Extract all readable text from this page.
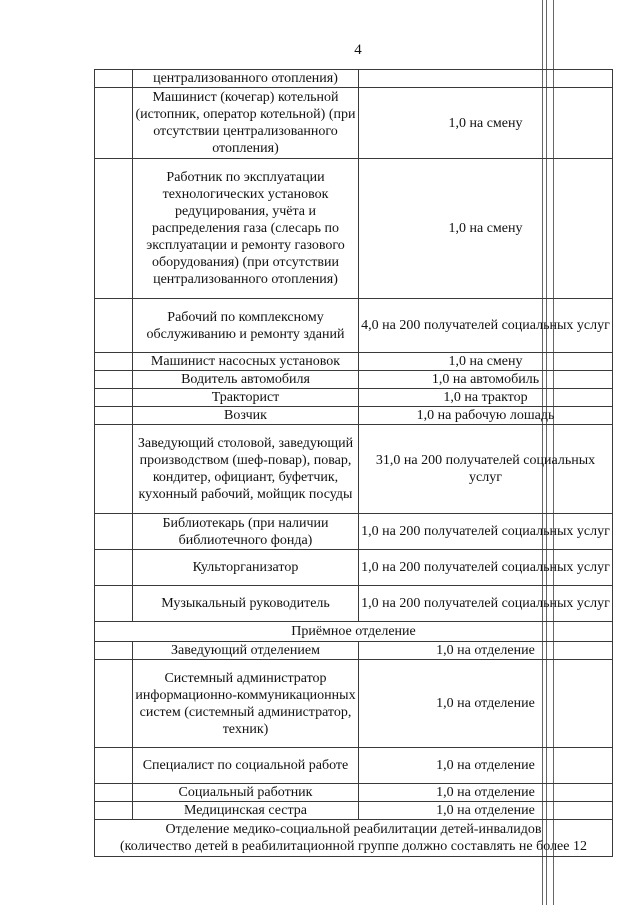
4

	централизованного отопления)	

	Машинист (кочегар) котельной (истопник, оператор котельной) (при отсутствии централизованного отопления)	1,0 на смену

	Работник по эксплуатации технологических установок редуцирования, учёта и распределения газа (слесарь по эксплуатации и ремонту газового оборудования) (при отсутствии централизованного отопления)	1,0 на смену

	Рабочий по комплексному обслуживанию и ремонту зданий	4,0 на 200 получателей социальных услуг

	Машинист насосных установок	1,0 на смену

	Водитель автомобиля	1,0 на автомобиль

	Тракторист	1,0 на трактор

	Возчик	1,0 на рабочую лошадь

	Заведующий столовой, заведующий производством (шеф-повар), повар, кондитер, официант, буфетчик, кухонный рабочий, мойщик посуды	31,0 на 200 получателей социальных услуг

	Библиотекарь (при наличии библиотечного фонда)	1,0 на 200 получателей социальных услуг

	Культорганизатор	1,0 на 200 получателей социальных услуг

	Музыкальный руководитель	1,0 на 200 получателей социальных услуг

Приёмное отделение		

	Заведующий отделением	1,0 на отделение

	Системный администратор информационно-коммуникационных систем (системный администратор, техник)	1,0 на отделение

	Специалист по социальной работе	1,0 на отделение

	Социальный работник	1,0 на отделение

	Медицинская сестра	1,0 на отделение

Отделение медико-социальной реабилитации детей-инвалидов
(количество детей в реабилитационной группе должно составлять не более 12		
